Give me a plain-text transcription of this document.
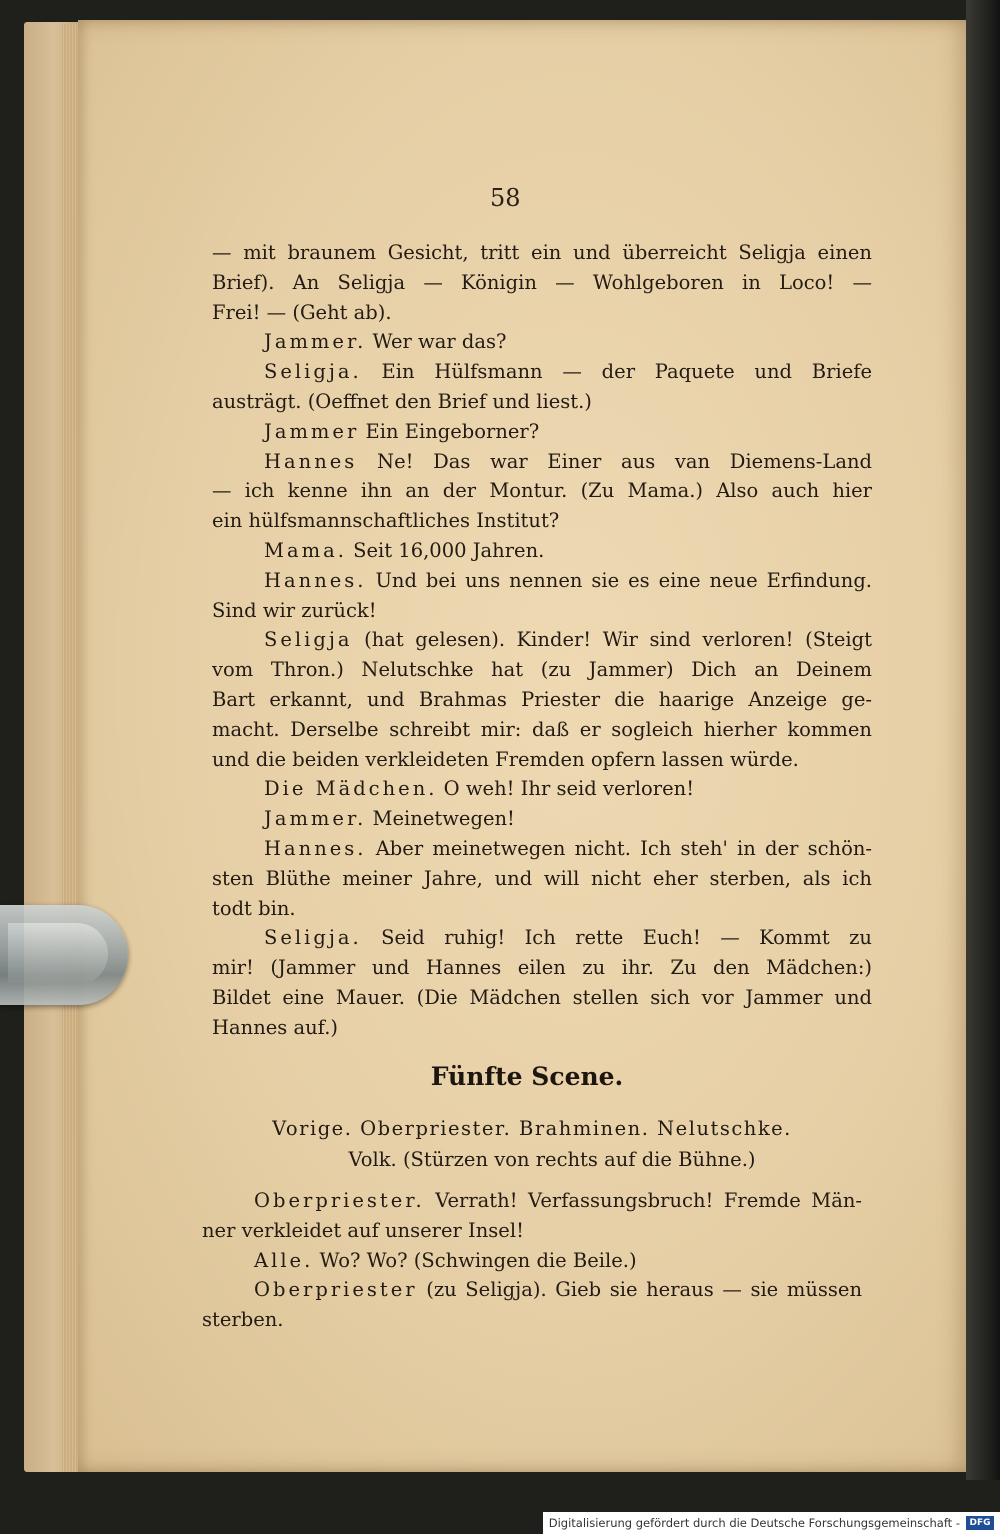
58
— mit braunem Gesicht, tritt ein und überreicht Seligja einen
Brief). An Seligja — Königin — Wohlgeboren in Loco! —
Frei! — (Geht ab).
Jammer. Wer war das?
Seligja. Ein Hülfsmann — der Paquete und Briefe
austrägt. (Oeffnet den Brief und liest.)
Jammer Ein Eingeborner?
Hannes Ne! Das war Einer aus van Diemens-Land
— ich kenne ihn an der Montur. (Zu Mama.) Also auch hier
ein hülfsmannschaftliches Institut?
Mama. Seit 16,000 Jahren.
Hannes. Und bei uns nennen sie es eine neue Erfindung.
Sind wir zurück!
Seligja (hat gelesen). Kinder! Wir sind verloren! (Steigt
vom Thron.) Nelutschke hat (zu Jammer) Dich an Deinem
Bart erkannt, und Brahmas Priester die haarige Anzeige ge-
macht. Derselbe schreibt mir: daß er sogleich hierher kommen
und die beiden verkleideten Fremden opfern lassen würde.
Die Mädchen. O weh! Ihr seid verloren!
Jammer. Meinetwegen!
Hannes. Aber meinetwegen nicht. Ich steh' in der schön-
sten Blüthe meiner Jahre, und will nicht eher sterben, als ich
todt bin.
Seligja. Seid ruhig! Ich rette Euch! — Kommt zu
mir! (Jammer und Hannes eilen zu ihr. Zu den Mädchen:)
Bildet eine Mauer. (Die Mädchen stellen sich vor Jammer und
Hannes auf.)
Fünfte Scene.
Vorige. Oberpriester. Brahminen. Nelutschke.
Volk. (Stürzen von rechts auf die Bühne.)
Oberpriester. Verrath! Verfassungsbruch! Fremde Män-
ner verkleidet auf unserer Insel!
Alle. Wo? Wo? (Schwingen die Beile.)
Oberpriester (zu Seligja). Gieb sie heraus — sie müssen
sterben.
Digitalisierung gefördert durch die Deutsche Forschungsgemeinschaft -	DFG
